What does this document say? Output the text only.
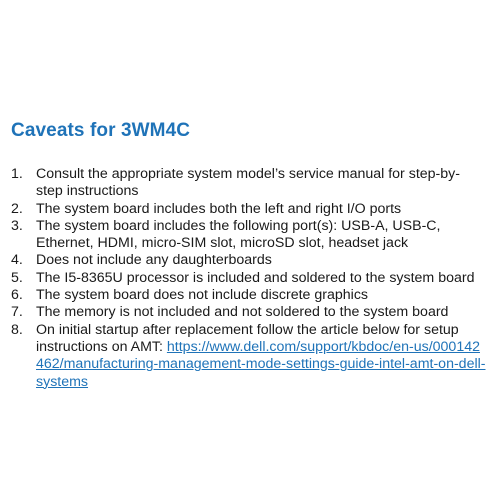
Caveats for 3WM4C
1. Consult the appropriate system model’s service manual for step-by-step instructions
2. The system board includes both the left and right I/O ports
3. The system board includes the following port(s): USB-A, USB-C, Ethernet, HDMI, micro-SIM slot, microSD slot, headset jack
4. Does not include any daughterboards
5. The I5-8365U processor is included and soldered to the system board
6. The system board does not include discrete graphics
7. The memory is not included and not soldered to the system board
8. On initial startup after replacement follow the article below for setup instructions on AMT: https://www.dell.com/support/kbdoc/en-us/000142462/manufacturing-management-mode-settings-guide-intel-amt-on-dell-systems
